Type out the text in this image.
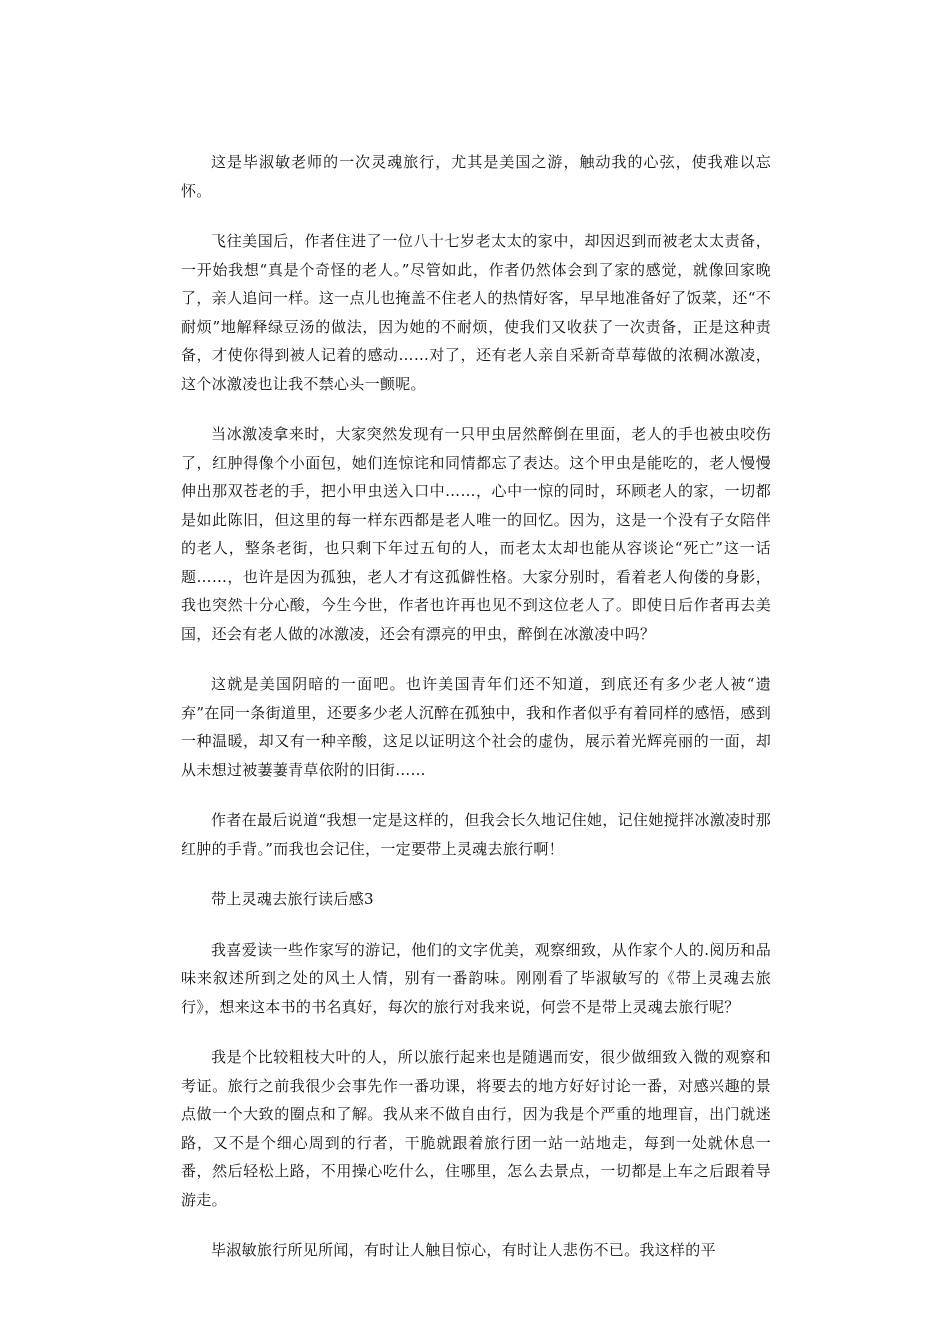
这是毕淑敏老师的一次灵魂旅行，尤其是美国之游，触动我的心弦，使我难以忘怀。

飞往美国后，作者住进了一位八十七岁老太太的家中，却因迟到而被老太太责备，一开始我想“真是个奇怪的老人。”尽管如此，作者仍然体会到了家的感觉，就像回家晚了，亲人追问一样。这一点儿也掩盖不住老人的热情好客，早早地准备好了饭菜，还“不耐烦”地解释绿豆汤的做法，因为她的不耐烦，使我们又收获了一次责备，正是这种责备，才使你得到被人记着的感动……对了，还有老人亲自采新奇草莓做的浓稠冰激凌，这个冰激凌也让我不禁心头一颤呢。

当冰激凌拿来时，大家突然发现有一只甲虫居然醉倒在里面，老人的手也被虫咬伤了，红肿得像个小面包，她们连惊诧和同情都忘了表达。这个甲虫是能吃的，老人慢慢伸出那双苍老的手，把小甲虫送入口中……，心中一惊的同时，环顾老人的家，一切都是如此陈旧，但这里的每一样东西都是老人唯一的回忆。因为，这是一个没有子女陪伴的老人，整条老街，也只剩下年过五旬的人，而老太太却也能从容谈论“死亡”这一话题……，也许是因为孤独，老人才有这孤僻性格。大家分别时，看着老人佝偻的身影，我也突然十分心酸，今生今世，作者也许再也见不到这位老人了。即使日后作者再去美国，还会有老人做的冰激凌，还会有漂亮的甲虫，醉倒在冰激凌中吗？

这就是美国阴暗的一面吧。也许美国青年们还不知道，到底还有多少老人被“遗弃”在同一条街道里，还要多少老人沉醉在孤独中，我和作者似乎有着同样的感悟，感到一种温暖，却又有一种辛酸，这足以证明这个社会的虚伪，展示着光辉亮丽的一面，却从未想过被萋萋青草依附的旧街……

作者在最后说道“我想一定是这样的，但我会长久地记住她，记住她搅拌冰激凌时那红肿的手背。”而我也会记住，一定要带上灵魂去旅行啊！

带上灵魂去旅行读后感3

我喜爱读一些作家写的游记，他们的文字优美，观察细致，从作家个人的.阅历和品味来叙述所到之处的风土人情，别有一番韵味。刚刚看了毕淑敏写的《带上灵魂去旅行》，想来这本书的书名真好，每次的旅行对我来说，何尝不是带上灵魂去旅行呢？

我是个比较粗枝大叶的人，所以旅行起来也是随遇而安，很少做细致入微的观察和考证。旅行之前我很少会事先作一番功课，将要去的地方好好讨论一番，对感兴趣的景点做一个大致的圈点和了解。我从来不做自由行，因为我是个严重的地理盲，出门就迷路，又不是个细心周到的行者，干脆就跟着旅行团一站一站地走，每到一处就休息一番，然后轻松上路，不用操心吃什么，住哪里，怎么去景点，一切都是上车之后跟着导游走。

毕淑敏旅行所见所闻，有时让人触目惊心，有时让人悲伤不已。我这样的平
